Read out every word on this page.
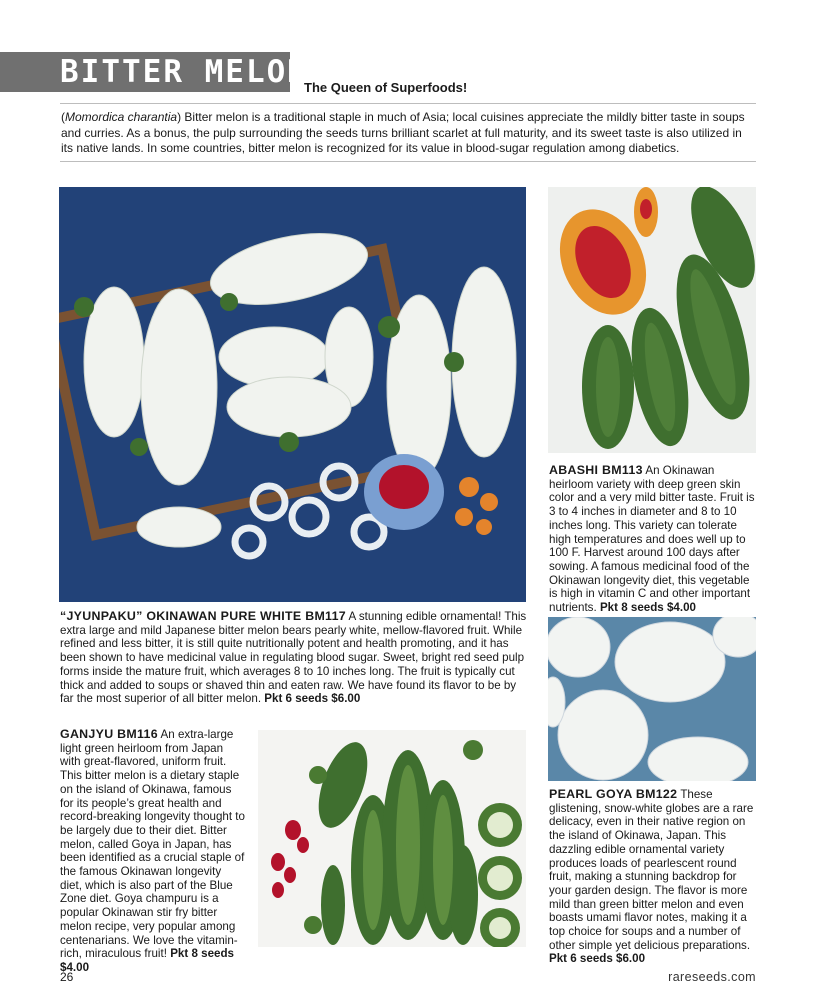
BITTER MELON
The Queen of Superfoods!
(Momordica charantia) Bitter melon is a traditional staple in much of Asia; local cuisines appreciate the mildly bitter taste in soups and curries. As a bonus, the pulp surrounding the seeds turns brilliant scarlet at full maturity, and its sweet taste is also utilized in its native lands. In some countries, bitter melon is recognized for its value in blood-sugar regulation among diabetics.
“JYUNPAKU” OKINAWAN PURE WHITE BM117 A stunning edible ornamental! This extra large and mild Japanese bitter melon bears pearly white, mellow-flavored fruit. While refined and less bitter, it is still quite nutritionally potent and health promoting, and it has been shown to have medicinal value in regulating blood sugar. Sweet, bright red seed pulp forms inside the mature fruit, which averages 8 to 10 inches long. The fruit is typically cut thick and added to soups or shaved thin and eaten raw. We have found its flavor to be by far the most superior of all bitter melon. Pkt 6 seeds $6.00
ABASHI BM113 An Okinawan heirloom variety with deep green skin color and a very mild bitter taste. Fruit is 3 to 4 inches in diameter and 8 to 10 inches long. This variety can tolerate high temperatures and does well up to 100 F. Harvest around 100 days after sowing. A famous medicinal food of the Okinawan longevity diet, this vegetable is high in vitamin C and other important nutrients. Pkt 8 seeds $4.00
GANJYU BM116 An extra-large light green heirloom from Japan with great-flavored, uniform fruit. This bitter melon is a dietary staple on the island of Okinawa, famous for its people’s great health and record-breaking longevity thought to be largely due to their diet. Bitter melon, called Goya in Japan, has been identified as a crucial staple of the famous Okinawan longevity diet, which is also part of the Blue Zone diet. Goya champuru is a popular Okinawan stir fry bitter melon recipe, very popular among centenarians. We love the vitamin-rich, miraculous fruit! Pkt 8 seeds $4.00
PEARL GOYA BM122 These glistening, snow-white globes are a rare delicacy, even in their native region on the island of Okinawa, Japan. This dazzling edible ornamental variety produces loads of pearlescent round fruit, making a stunning backdrop for your garden design. The flavor is more mild than green bitter melon and even boasts umami flavor notes, making it a top choice for soups and a number of other simple yet delicious preparations. Pkt 6 seeds $6.00
26	rareseeds.com
